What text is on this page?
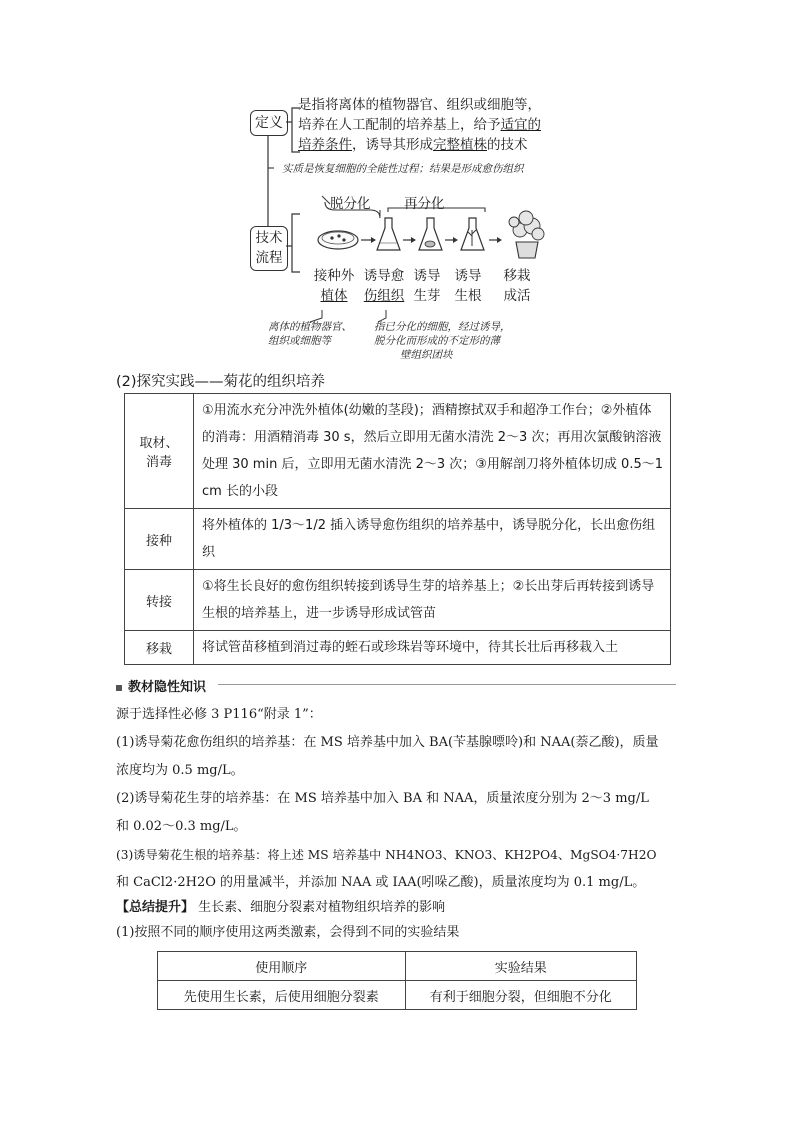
定义
是指将离体的植物器官、组织或细胞等，
培养在人工配制的培养基上，给予适宜的
培养条件，诱导其形成完整植株的技术
实质是恢复细胞的全能性过程；结果是形成愈伤组织
脱分化 再分化
技术
流程
接种外
植体
诱导愈
伤组织
诱导
生芽
诱导
生根
移栽
成活
离体的植物器官、
组织或细胞等
指已分化的细胞，经过诱导，
脱分化而形成的不定形的薄
壁组织团块
(2)探究实践——菊花的组织培养
取材、
消毒	①用流水充分冲洗外植体(幼嫩的茎段)；酒精擦拭双手和超净工作台；②外植体的消毒：用酒精消毒 30 s，然后立即用无菌水清洗 2～3 次；再用次氯酸钠溶液处理 30 min 后，立即用无菌水清洗 2～3 次；③用解剖刀将外植体切成 0.5～1 cm 长的小段
接种	将外植体的 1/3～1/2 插入诱导愈伤组织的培养基中，诱导脱分化，长出愈伤组织
转接	①将生长良好的愈伤组织转接到诱导生芽的培养基上；②长出芽后再转接到诱导生根的培养基上，进一步诱导形成试管苗
移栽	将试管苗移植到消过毒的蛭石或珍珠岩等环境中，待其长壮后再移栽入土
教材隐性知识
源于选择性必修 3 P116“附录 1”：
(1)诱导菊花愈伤组织的培养基：在 MS 培养基中加入 BA(苄基腺嘌呤)和 NAA(萘乙酸)，质量
浓度均为 0.5 mg/L。
(2)诱导菊花生芽的培养基：在 MS 培养基中加入 BA 和 NAA，质量浓度分别为 2～3 mg/L
和 0.02～0.3 mg/L。
(3)诱导菊花生根的培养基：将上述 MS 培养基中 NH4NO3、KNO3、KH2PO4、MgSO4·7H2O
和 CaCl2·2H2O 的用量减半，并添加 NAA 或 IAA(吲哚乙酸)，质量浓度均为 0.1 mg/L。
【总结提升】 生长素、细胞分裂素对植物组织培养的影响
(1)按照不同的顺序使用这两类激素，会得到不同的实验结果
使用顺序	实验结果
先使用生长素，后使用细胞分裂素	有利于细胞分裂，但细胞不分化
